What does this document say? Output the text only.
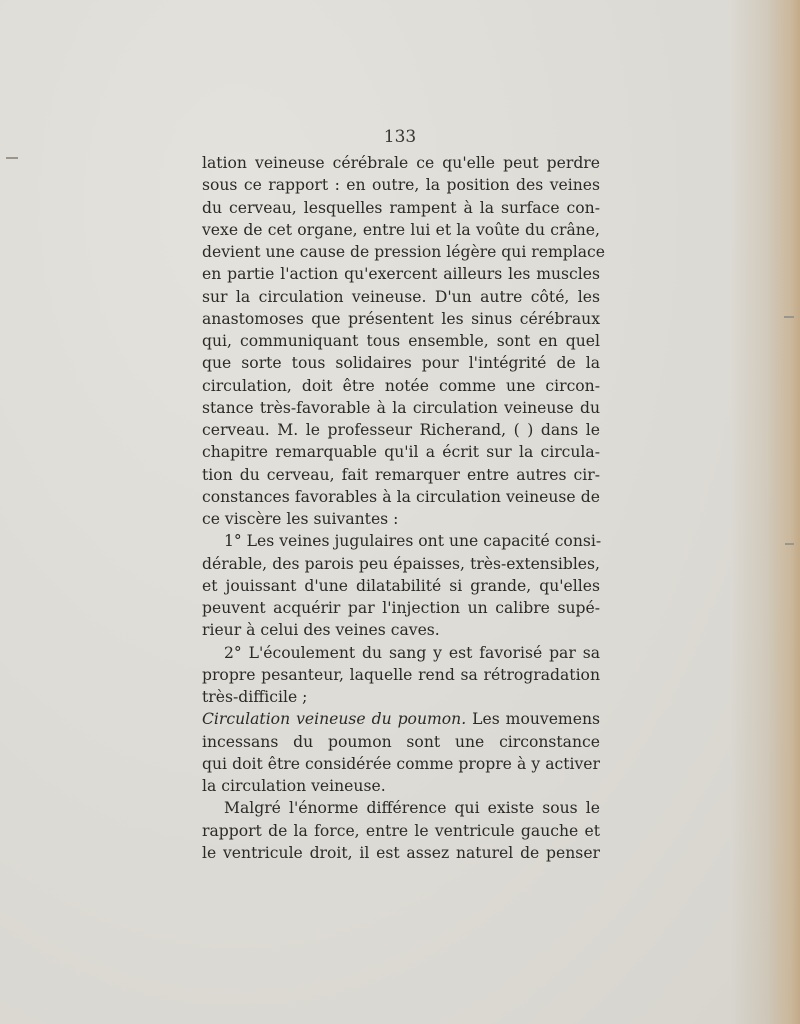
133
lation veineuse cérébrale ce qu'elle peut perdre
sous ce rapport : en outre, la position des veines
du cerveau, lesquelles rampent à la surface con-
vexe de cet organe, entre lui et la voûte du crâne,
devient une cause de pression légère qui remplace
en partie l'action qu'exercent ailleurs les muscles
sur la circulation veineuse. D'un autre côté, les
anastomoses que présentent les sinus cérébraux
qui, communiquant tous ensemble, sont en quel
que sorte tous solidaires pour l'intégrité de la
circulation, doit être notée comme une circon-
stance très-favorable à la circulation veineuse du
cerveau. M. le professeur Richerand, ( ) dans le
chapitre remarquable qu'il a écrit sur la circula-
tion du cerveau, fait remarquer entre autres cir-
constances favorables à la circulation veineuse de
ce viscère les suivantes :
1° Les veines jugulaires ont une capacité consi-
dérable, des parois peu épaisses, très-extensibles,
et jouissant d'une dilatabilité si grande, qu'elles
peuvent acquérir par l'injection un calibre supé-
rieur à celui des veines caves.
2° L'écoulement du sang y est favorisé par sa
propre pesanteur, laquelle rend sa rétrogradation
très-difficile ;
Circulation veineuse du poumon. Les mouvemens
incessans du poumon sont une circonstance
qui doit être considérée comme propre à y activer
la circulation veineuse.
Malgré l'énorme différence qui existe sous le
rapport de la force, entre le ventricule gauche et
le ventricule droit, il est assez naturel de penser
